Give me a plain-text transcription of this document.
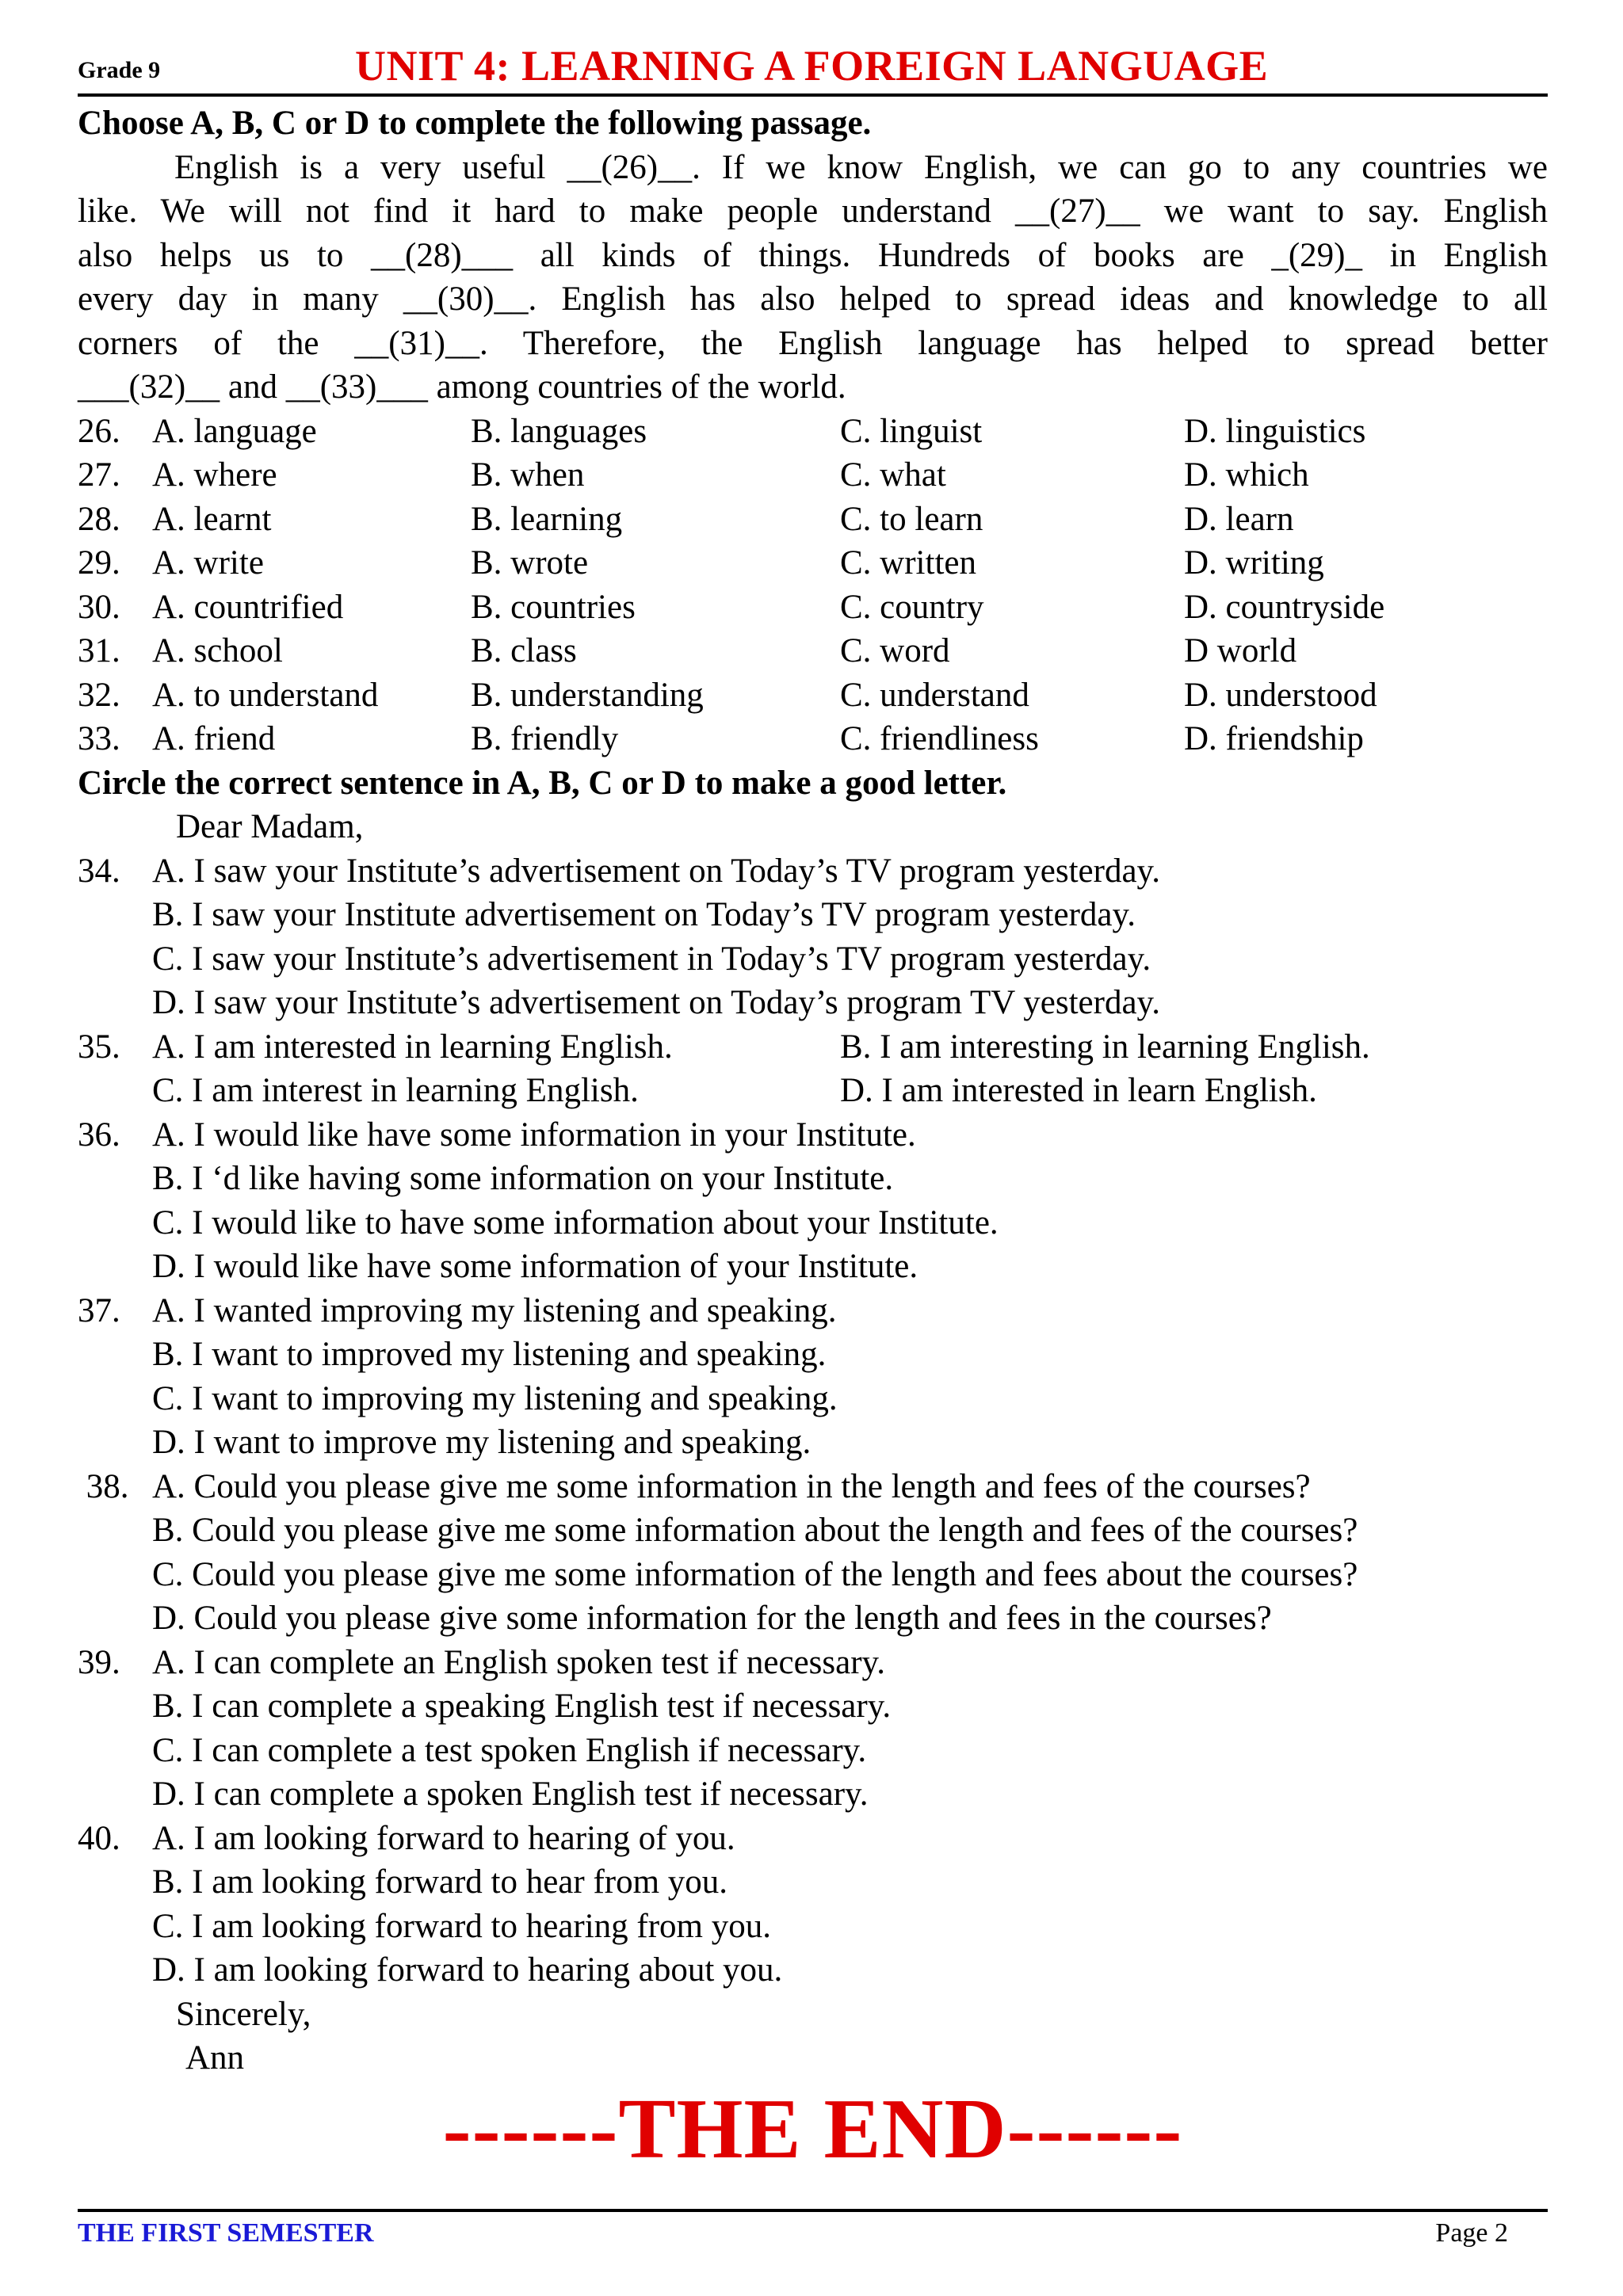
Grade 9	UNIT 4: LEARNING A FOREIGN LANGUAGE
Choose A, B, C or D to complete the following passage.

English is a very useful __(26)__. If we know English, we can go to any countries we

like. We will not find it hard to make people understand __(27)__ we want to say. English

also helps us to __(28)___ all kinds of things. Hundreds of books are _(29)_ in English

every day in many __(30)__. English has also helped to spread ideas and knowledge to all

corners of the __(31)__. Therefore, the English language has helped to spread better

___(32)__ and __(33)___ among countries of the world.

26. A. language	B. languages	C. linguist	D. linguistics
27. A. where	B. when	C. what	D. which
28. A. learnt	B. learning	C. to learn	D. learn
29. A. write	B. wrote	C. written	D. writing
30. A. countrified	B. countries	C. country	D. countryside
31. A. school	B. class	C. word	D world
32. A. to understand	B. understanding	C. understand	D. understood
33. A. friend	B. friendly	C. friendliness	D. friendship
Circle the correct sentence in A, B, C or D to make a good letter.
Dear Madam,
34. A. I saw your Institute’s advertisement on Today’s TV program yesterday.
B. I saw your Institute advertisement on Today’s TV program yesterday.
C. I saw your Institute’s advertisement in Today’s TV program yesterday.
D. I saw your Institute’s advertisement on Today’s program TV yesterday.
35. A. I am interested in learning English.	B. I am interesting in learning English.
C. I am interest in learning English.	D. I am interested in learn English.
36. A. I would like have some information in your Institute.
B. I ‘d like having some information on your Institute.
C. I would like to have some information about your Institute.
D. I would like have some information of your Institute.
37. A. I wanted improving my listening and speaking.
B. I want to improved my listening and speaking.
C. I want to improving my listening and speaking.
D. I want to improve my listening and speaking.
38. A. Could you please give me some information in the length and fees of the courses?
B. Could you please give me some information about the length and fees of the courses?
C. Could you please give me some information of the length and fees about the courses?
D. Could you please give some information for the length and fees in the courses?
39. A. I can complete an English spoken test if necessary.
B. I can complete a speaking English test if necessary.
C. I can complete a test spoken English if necessary.
D. I can complete a spoken English test if necessary.
40. A. I am looking forward to hearing of you.
B. I am looking forward to hear from you.
C. I am looking forward to hearing from you.
D. I am looking forward to hearing about you.
Sincerely,
Ann
------THE END------
THE FIRST SEMESTER	Page 2
